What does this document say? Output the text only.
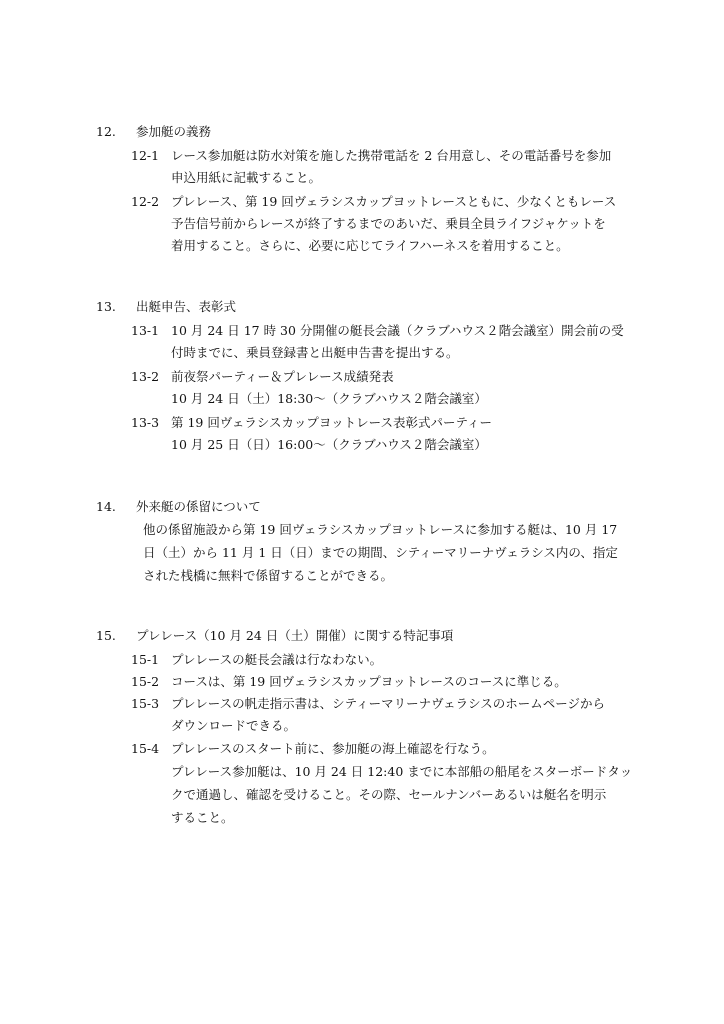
12. 参加艇の義務
12-1 レース参加艇は防水対策を施した携帯電話を 2 台用意し、その電話番号を参加
申込用紙に記載すること。
12-2 プレレース、第 19 回ヴェラシスカップヨットレースともに、少なくともレース
予告信号前からレースが終了するまでのあいだ、乗員全員ライフジャケットを
着用すること。さらに、必要に応じてライフハーネスを着用すること。
13. 出艇申告、表彰式
13-1 10 月 24 日 17 時 30 分開催の艇長会議（クラブハウス２階会議室）開会前の受
付時までに、乗員登録書と出艇申告書を提出する。
13-2 前夜祭パーティー＆プレレース成績発表
10 月 24 日（土）18:30～（クラブハウス２階会議室）
13-3 第 19 回ヴェラシスカップヨットレース表彰式パーティー
10 月 25 日（日）16:00～（クラブハウス２階会議室）
14. 外来艇の係留について
他の係留施設から第 19 回ヴェラシスカップヨットレースに参加する艇は、10 月 17
日（土）から 11 月 1 日（日）までの期間、シティーマリーナヴェラシス内の、指定
された桟橋に無料で係留することができる。
15. プレレース（10 月 24 日（土）開催）に関する特記事項
15-1 プレレースの艇長会議は行なわない。
15-2 コースは、第 19 回ヴェラシスカップヨットレースのコースに準じる。
15-3 プレレースの帆走指示書は、シティーマリーナヴェラシスのホームページから
ダウンロードできる。
15-4 プレレースのスタート前に、参加艇の海上確認を行なう。
プレレース参加艇は、10 月 24 日 12:40 までに本部船の船尾をスターボードタッ
クで通過し、確認を受けること。その際、セールナンバーあるいは艇名を明示
すること。
